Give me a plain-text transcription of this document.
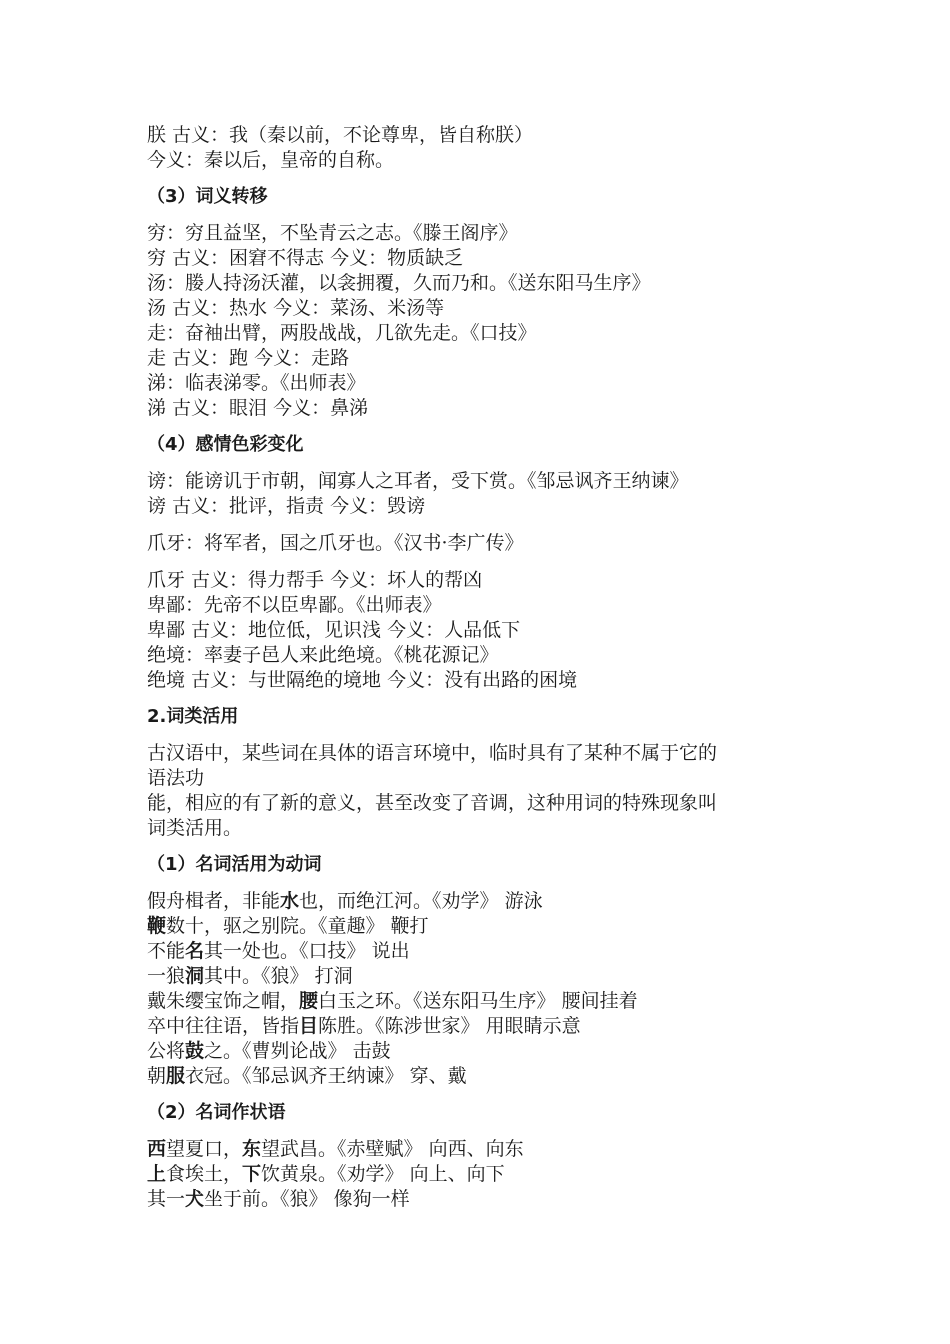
朕 古义：我（秦以前，不论尊卑，皆自称朕）
今义：秦以后，皇帝的自称。
（3）词义转移
穷：穷且益坚，不坠青云之志。《滕王阁序》
穷 古义：困窘不得志 今义：物质缺乏
汤：媵人持汤沃灌，以衾拥覆，久而乃和。《送东阳马生序》
汤 古义：热水 今义：菜汤、米汤等
走：奋袖出臂，两股战战，几欲先走。《口技》
走 古义：跑 今义：走路
涕：临表涕零。《出师表》
涕 古义：眼泪 今义：鼻涕
（4）感情色彩变化
谤：能谤讥于市朝，闻寡人之耳者，受下赏。《邹忌讽齐王纳谏》
谤 古义：批评，指责 今义：毁谤
爪牙：将军者，国之爪牙也。《汉书·李广传》
爪牙 古义：得力帮手 今义：坏人的帮凶
卑鄙：先帝不以臣卑鄙。《出师表》
卑鄙 古义：地位低，见识浅 今义：人品低下
绝境：率妻子邑人来此绝境。《桃花源记》
绝境 古义：与世隔绝的境地 今义：没有出路的困境
2.词类活用
古汉语中，某些词在具体的语言环境中，临时具有了某种不属于它的
语法功
能，相应的有了新的意义，甚至改变了音调，这种用词的特殊现象叫
词类活用。
（1）名词活用为动词
假舟楫者，非能水也，而绝江河。《劝学》 游泳
鞭数十，驱之别院。《童趣》 鞭打
不能名其一处也。《口技》 说出
一狼洞其中。《狼》 打洞
戴朱缨宝饰之帽，腰白玉之环。《送东阳马生序》 腰间挂着
卒中往往语，皆指目陈胜。《陈涉世家》 用眼睛示意
公将鼓之。《曹刿论战》 击鼓
朝服衣冠。《邹忌讽齐王纳谏》 穿、戴
（2）名词作状语
西望夏口，东望武昌。《赤壁赋》 向西、向东
上食埃土，下饮黄泉。《劝学》 向上、向下
其一犬坐于前。《狼》 像狗一样
